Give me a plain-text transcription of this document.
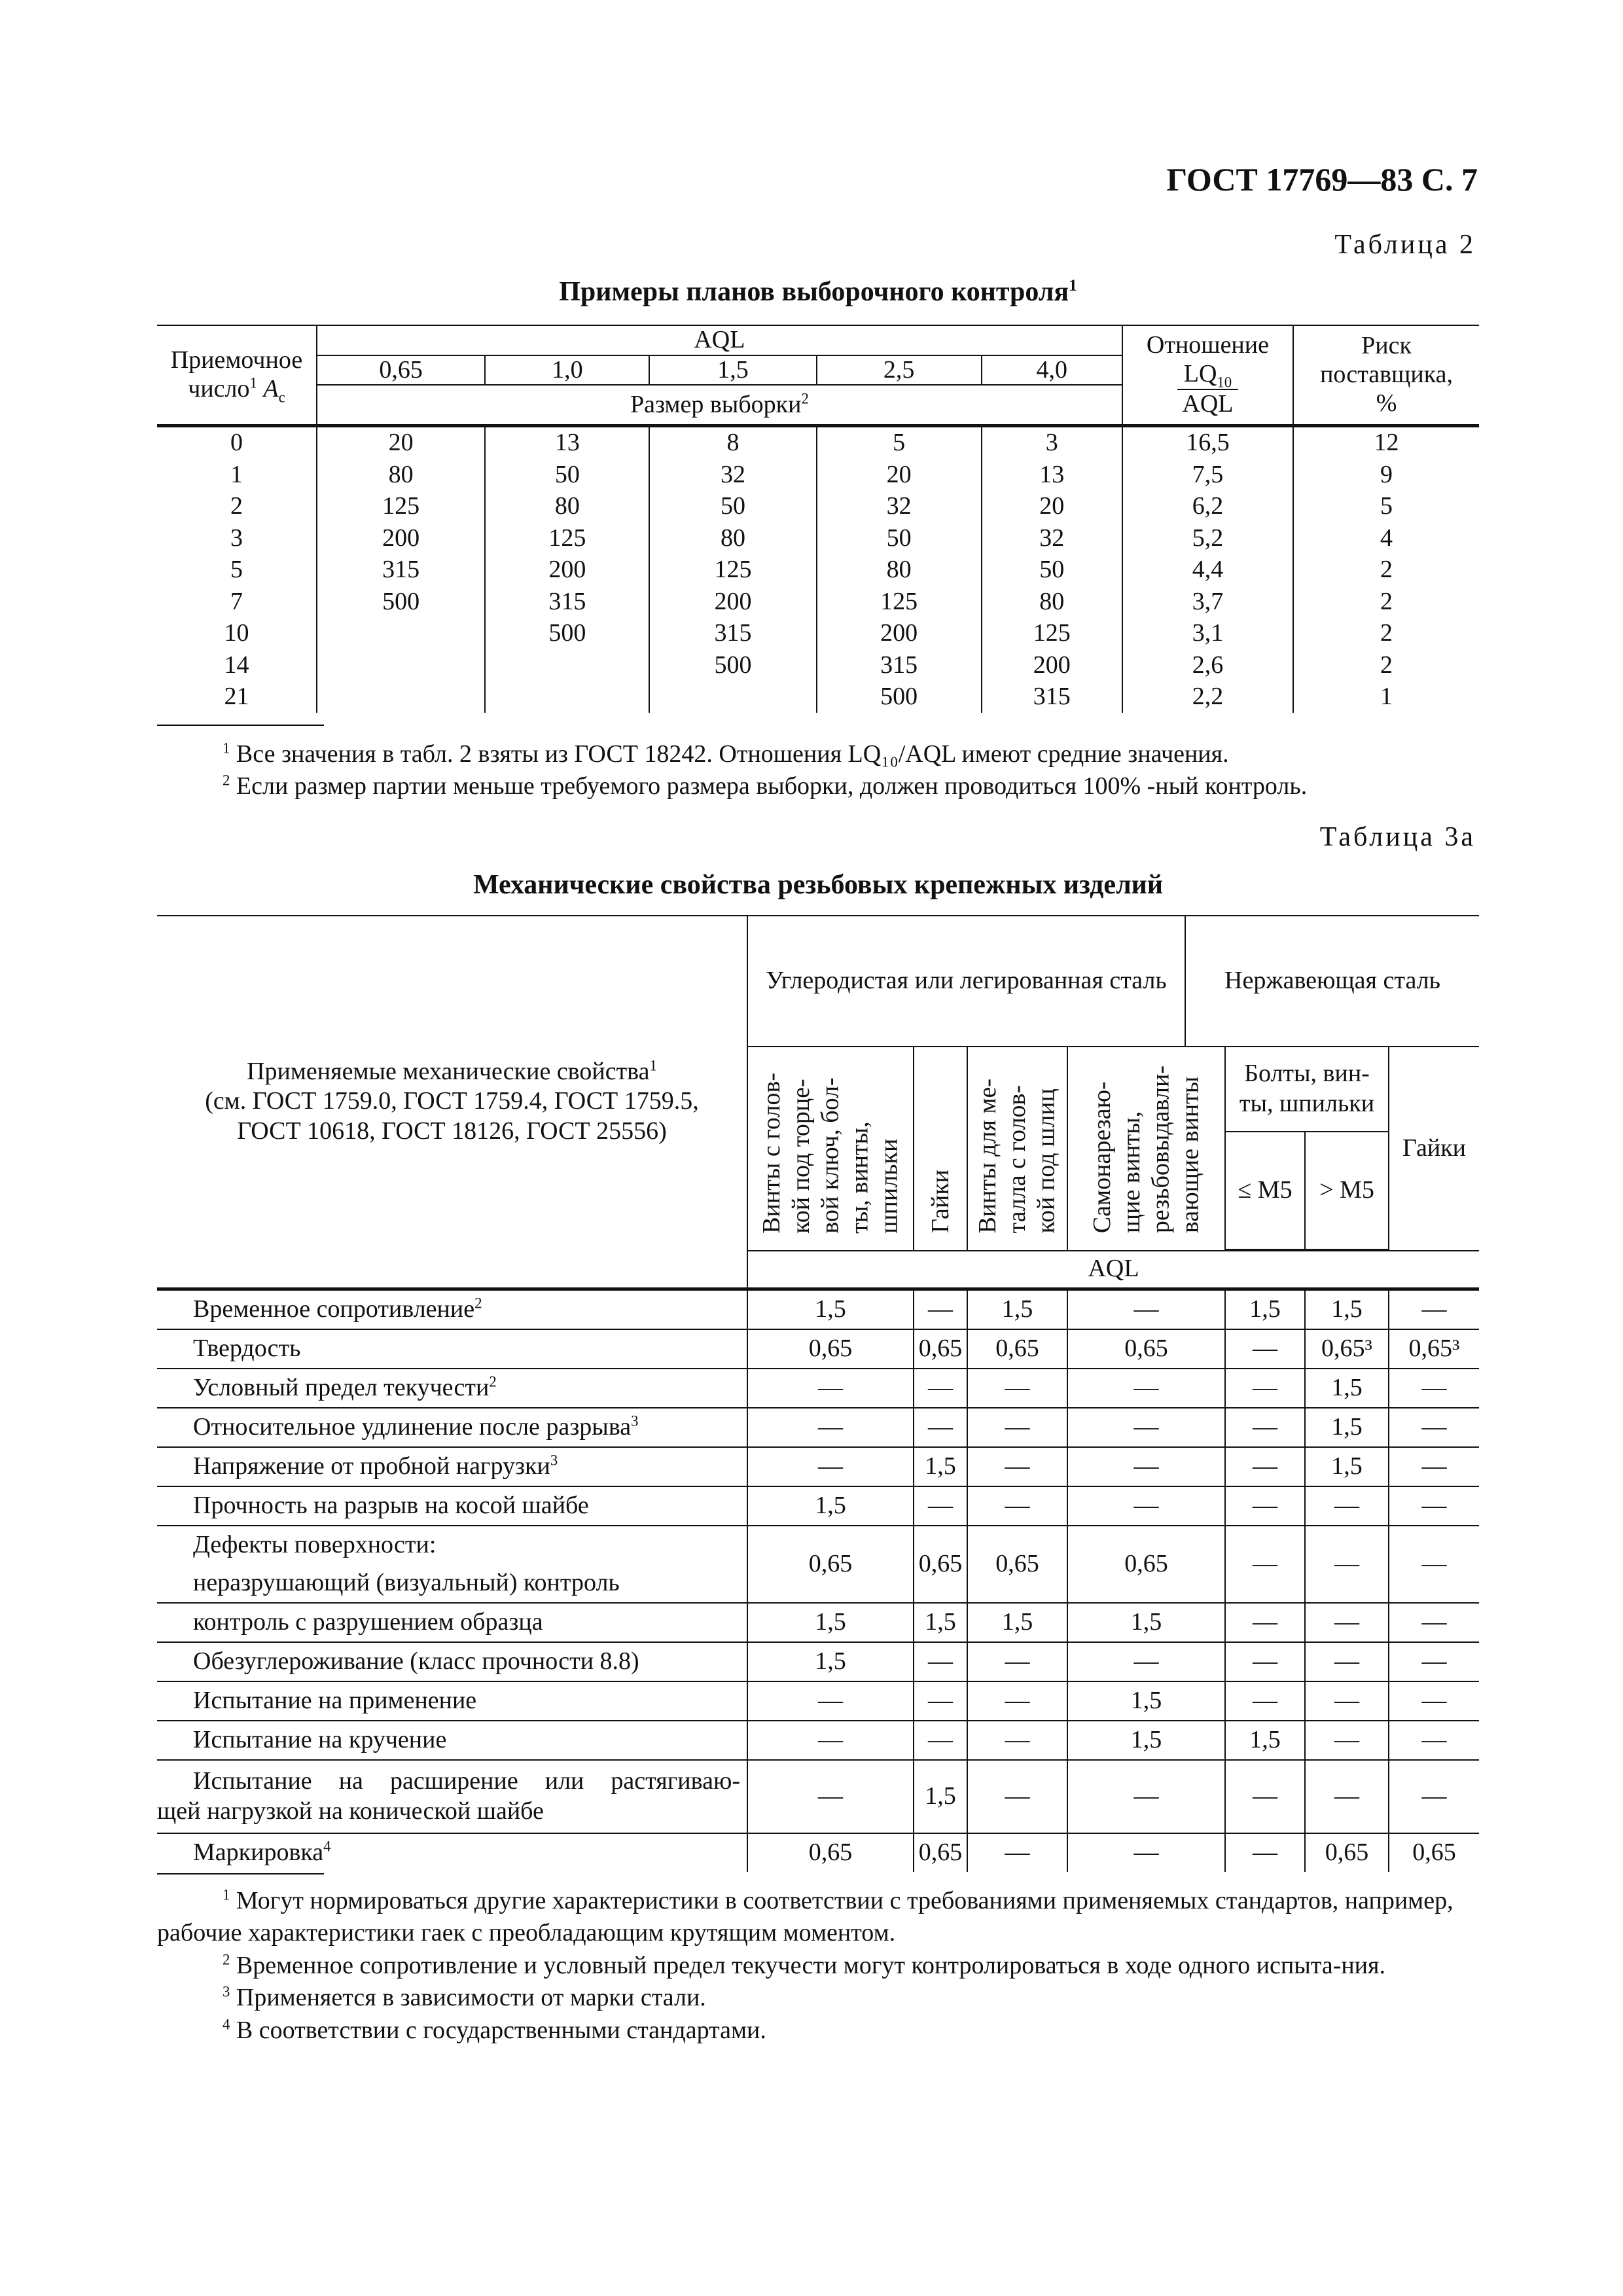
ГОСТ 17769—83 С. 7
Таблица 2
Примеры планов выборочного контроля$^1$
Приемочное число$^1$ $A_c$	AQL					Отношение
$LQ_{10}$
AQL	Риск поставщика, %
	0,65	1,0	1,5	2,5	4,0		
	Размер выборки$^2$
0	20	13	8	5	3	16,5	12
1	80	50	32	20	13	7,5	9
2	125	80	50	32	20	6,2	5
3	200	125	80	50	32	5,2	4
5	315	200	125	80	50	4,4	2
7	500	315	200	125	80	3,7	2
10		500	315	200	125	3,1	2
14			500	315	200	2,6	2
21				500	315	2,2	1
$^1$ Все значения в табл. 2 взяты из ГОСТ 18242. Отношения LQ₁₀/AQL имеют средние значения.
$^2$ Если размер партии меньше требуемого размера выборки, должен проводиться 100% -ный контроль.
Таблица 3а
Механические свойства резьбовых крепежных изделий
Применяемые механические свойства$^1$
(см. ГОСТ 1759.0, ГОСТ 1759.4, ГОСТ 1759.5, ГОСТ 10618, ГОСТ 18126, ГОСТ 25556)	Углеродистая или легированная сталь				Нержавеющая сталь			
	Винты с голов-
кой под торце-
вой ключ, бол-
ты, винты,
шпильки	Гайки	Винты для ме-
талла с голов-
кой под шлиц	Самонарезаю-
щие винты,
резьбовыдавли-
вающие винты		Болты, вин-
ты, шпильки		Гайки
						≤ M5	> M5	

	AQL							
Временное сопротивление$^2$	1,5	—	1,5	—		1,5	1,5	—
Твердость	0,65	0,65	0,65	0,65		—	0,65³	0,65³
Условный предел текучести$^2$	—	—	—	—		—	1,5	—
Относительное удлинение после разрыва$^3$	—	—	—	—		—	1,5	—
Напряжение от пробной нагрузки$^3$	—	1,5	—	—		—	1,5	—
Прочность на разрыв на косой шайбе	1,5	—	—	—		—	—	—
Дефекты поверхности:	0,65	0,65	0,65	0,65		—	—	—
неразрушающий (визуальный) контроль								
контроль с разрушением образца	1,5	1,5	1,5	1,5		—	—	—
Обезуглероживание (класс прочности 8.8)	1,5	—	—	—		—	—	—
Испытание на применение	—	—	—	1,5		—	—	—
Испытание на кручение	—	—	—	1,5		1,5	—	—
Испытание на расширение или растягиваю-
щей нагрузкой на конической шайбе	—	1,5	—	—		—	—	—
Маркировка$^4$	0,65	0,65	—	—		—	0,65	0,65
$^1$ Могут нормироваться другие характеристики в соответствии с требованиями применяемых стандартов, например, рабочие характеристики гаек с преобладающим крутящим моментом.
$^2$ Временное сопротивление и условный предел текучести могут контролироваться в ходе одного испыта-ния.
$^3$ Применяется в зависимости от марки стали.
$^4$ В соответствии с государственными стандартами.
